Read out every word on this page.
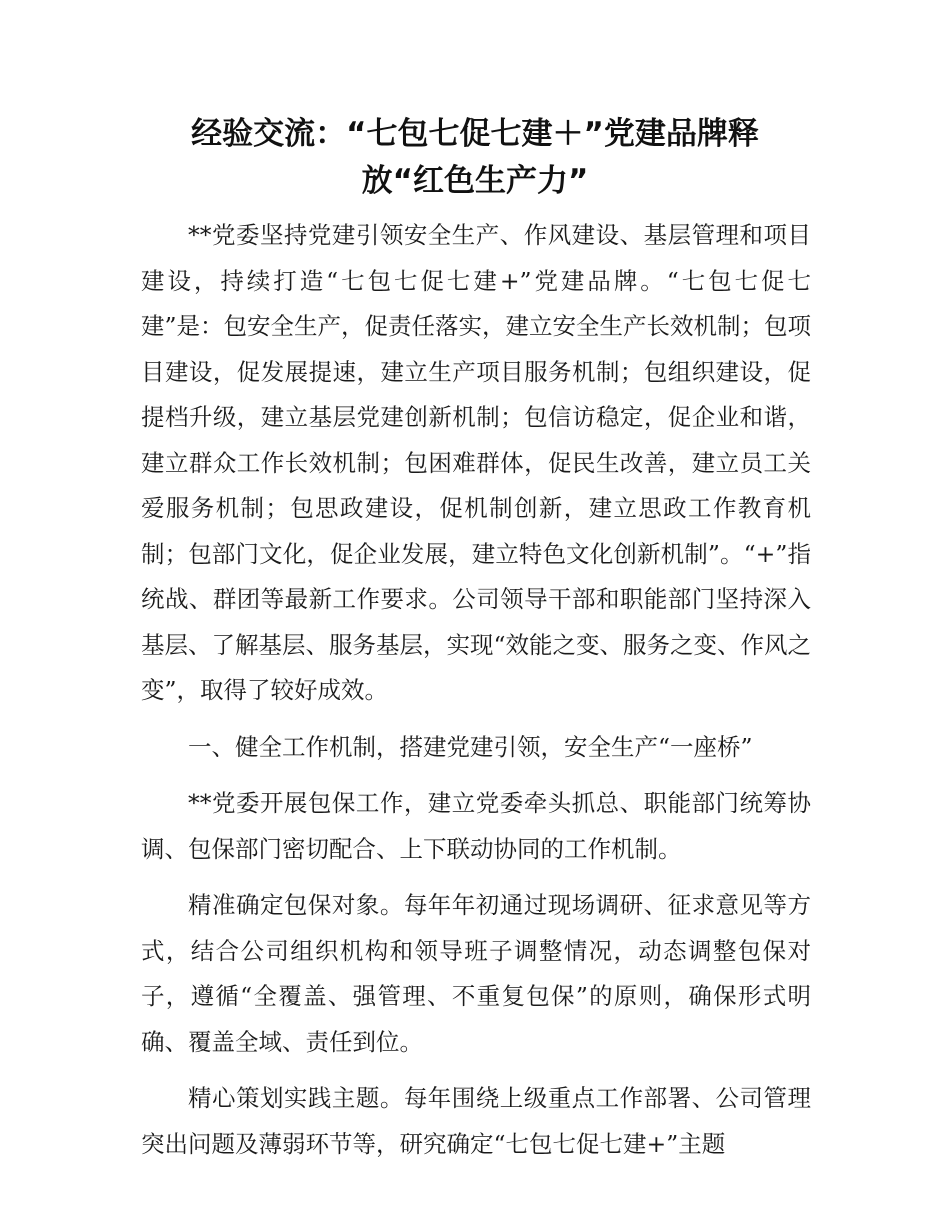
经验交流：“七包七促七建＋”党建品牌释
放“红色生产力”

**党委坚持党建引领安全生产、作风建设、基层管理和项目建设，持续打造“七包七促七建+”党建品牌。“七包七促七建”是：包安全生产，促责任落实，建立安全生产长效机制；包项目建设，促发展提速，建立生产项目服务机制；包组织建设，促提档升级，建立基层党建创新机制；包信访稳定，促企业和谐，建立群众工作长效机制；包困难群体，促民生改善，建立员工关爱服务机制；包思政建设，促机制创新，建立思政工作教育机制；包部门文化，促企业发展，建立特色文化创新机制”。“+”指统战、群团等最新工作要求。公司领导干部和职能部门坚持深入基层、了解基层、服务基层，实现“效能之变、服务之变、作风之变”，取得了较好成效。

一、健全工作机制，搭建党建引领，安全生产“一座桥”

**党委开展包保工作，建立党委牵头抓总、职能部门统筹协调、包保部门密切配合、上下联动协同的工作机制。

精准确定包保对象。每年年初通过现场调研、征求意见等方式，结合公司组织机构和领导班子调整情况，动态调整包保对子，遵循“全覆盖、强管理、不重复包保”的原则，确保形式明确、覆盖全域、责任到位。

精心策划实践主题。每年围绕上级重点工作部署、公司管理突出问题及薄弱环节等，研究确定“七包七促七建+”主题
